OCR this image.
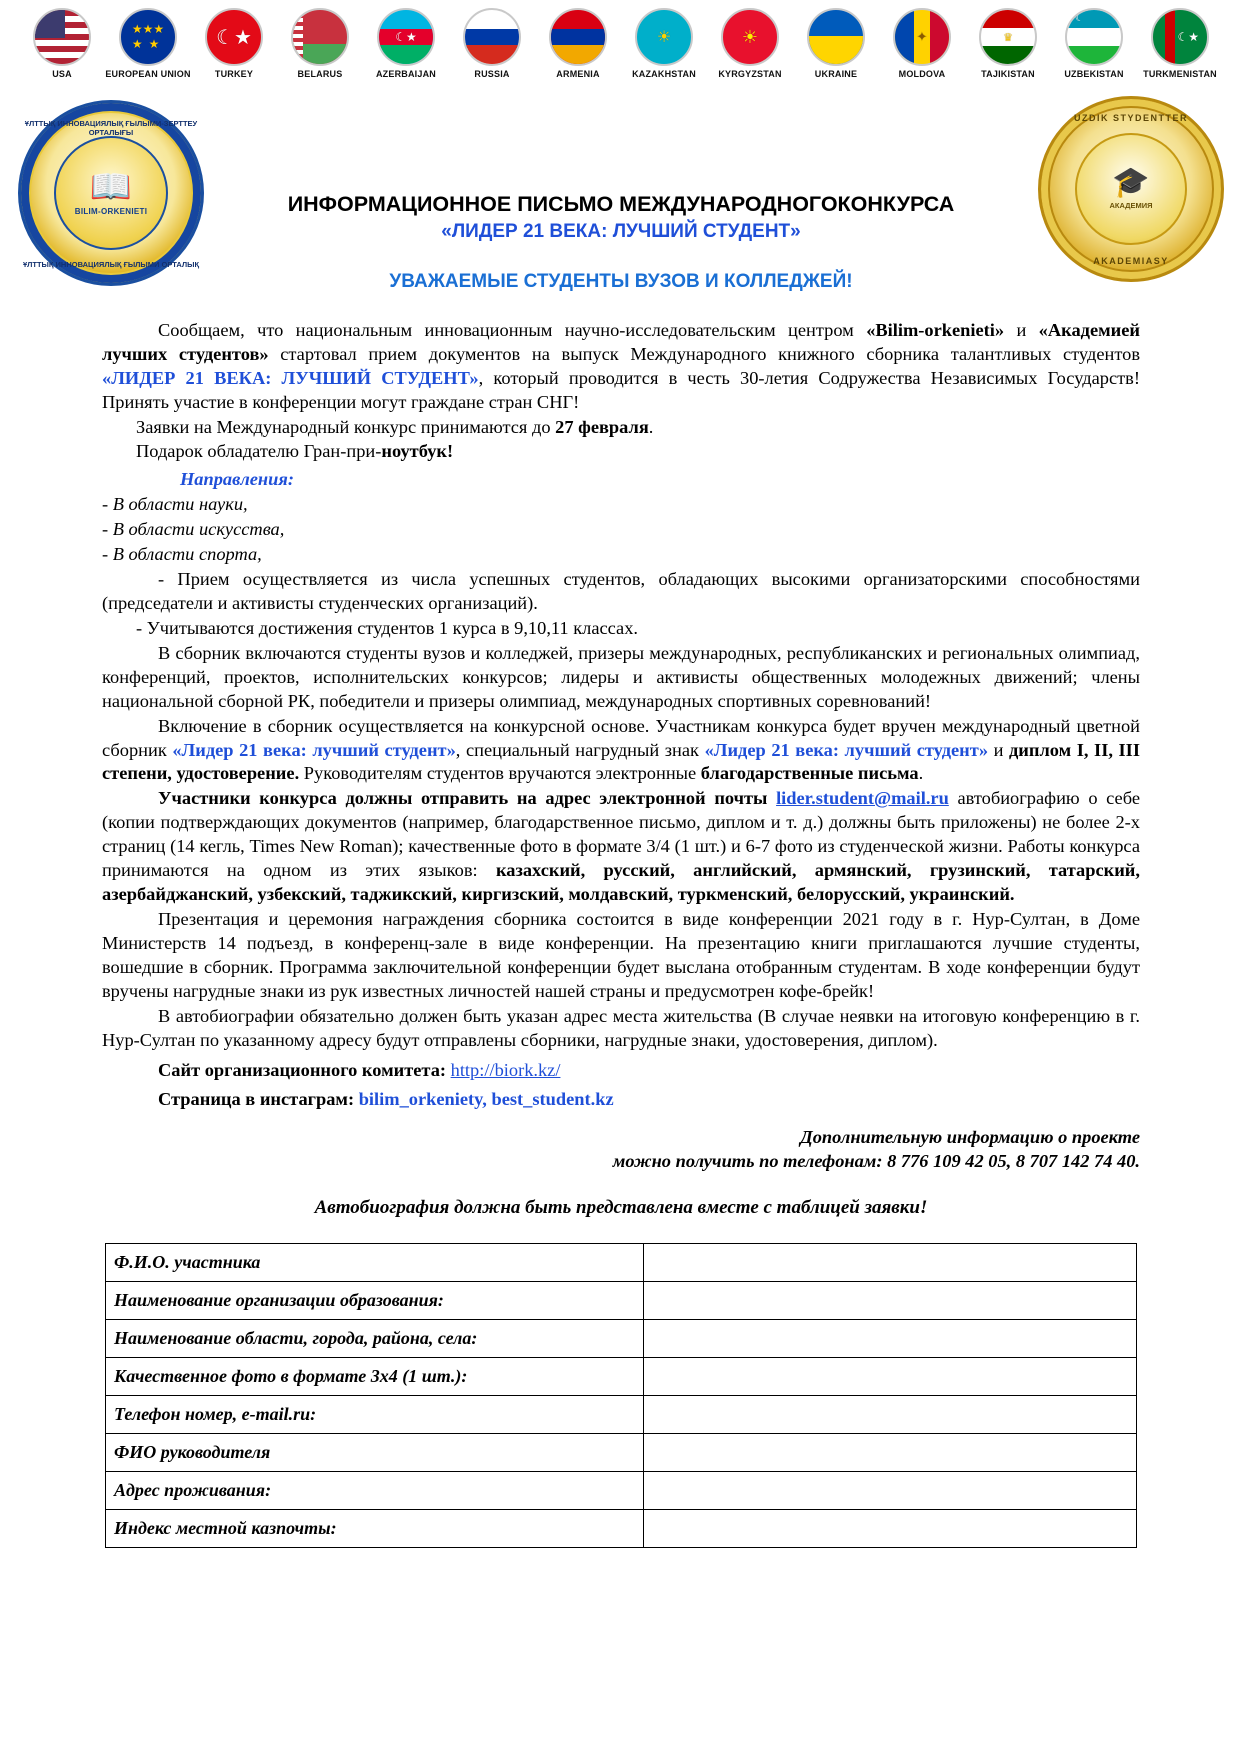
USA
★★★
★  ★
EUROPEAN UNION
☾★
TURKEY	BELARUS
☾★
AZERBAIJAN	RUSSIA	ARMENIA
☀
KAZAKHSTAN
☀
KYRGYZSTAN	UKRAINE
✦
MOLDOVA
♛
TAJIKISTAN
☾
UZBEKISTAN
☾★
TURKMENISTAN
ҰЛТТЫҚ ИННОВАЦИЯЛЫҚ ҒЫЛЫМИ-ЗЕРТТЕУ ОРТАЛЫҒЫ
📖
BILIM-ORKENIETI
ҰЛТТЫҚ ИННОВАЦИЯЛЫҚ ҒЫЛЫМИ ОРТАЛЫҚ
UZDIK STYDENTTER
🎓
АКАДЕМИЯ
AKADEMIASY
ИНФОРМАЦИОННОЕ ПИСЬМО МЕЖДУНАРОДНОГОКОНКУРСА
«ЛИДЕР 21 ВЕКА: ЛУЧШИЙ СТУДЕНТ»
УВАЖАЕМЫЕ СТУДЕНТЫ ВУЗОВ И КОЛЛЕДЖЕЙ!

Сообщаем, что национальным инновационным научно-исследовательским центром «Bilim-orkenieti» и «Академией лучших студентов» стартовал прием документов на выпуск Международного книжного сборника талантливых студентов «ЛИДЕР 21 ВЕКА: ЛУЧШИЙ СТУДЕНТ», который проводится в честь 30-летия Содружества Независимых Государств! Принять участие в конференции могут граждане стран СНГ!

Заявки на Международный конкурс принимаются до 27 февраля.

Подарок обладателю Гран-при-ноутбук!

Направления:

- В области науки,

- В области искусства,

- В области спорта,

- Прием осуществляется из числа успешных студентов, обладающих высокими организаторскими способностями (председатели и активисты студенческих организаций).

- Учитываются достижения студентов 1 курса в 9,10,11 классах.

В сборник включаются студенты вузов и колледжей, призеры международных, республиканских и региональных олимпиад, конференций, проектов, исполнительских конкурсов; лидеры и активисты общественных молодежных движений; члены национальной сборной РК, победители и призеры олимпиад, международных спортивных соревнований!

Включение в сборник осуществляется на конкурсной основе. Участникам конкурса будет вручен международный цветной сборник «Лидер 21 века: лучший студент», специальный нагрудный знак «Лидер 21 века: лучший студент» и диплом I, II, III степени, удостоверение. Руководителям студентов вручаются электронные благодарственные письма.

Участники конкурса должны отправить на адрес электронной почты lider.student@mail.ru автобиографию о себе (копии подтверждающих документов (например, благодарственное письмо, диплом и т. д.) должны быть приложены) не более 2-х страниц (14 кегль, Times New Roman); качественные фото в формате 3/4 (1 шт.) и 6-7 фото из студенческой жизни. Работы конкурса принимаются на одном из этих языков: казахский, русский, английский, армянский, грузинский, татарский, азербайджанский, узбекский, таджикский, киргизский, молдавский, туркменский, белорусский, украинский.

Презентация и церемония награждения сборника состоится в виде конференции 2021 году в г. Нур-Султан, в Доме Министерств 14 подъезд, в конференц-зале в виде конференции. На презентацию книги приглашаются лучшие студенты, вошедшие в сборник. Программа заключительной конференции будет выслана отобранным студентам. В ходе конференции будут вручены нагрудные знаки из рук известных личностей нашей страны и предусмотрен кофе-брейк!

В автобиографии обязательно должен быть указан адрес места жительства (В случае неявки на итоговую конференцию в г. Нур-Султан по указанному адресу будут отправлены сборники, нагрудные знаки, удостоверения, диплом).

Сайт организационного комитета: http://biork.kz/

Страница в инстаграм: bilim_orkeniety, best_student.kz

Дополнительную информацию о проекте
можно получить по телефонам: 8 776 109 42 05, 8 707 142 74 40.
Автобиография должна быть представлена вместе с таблицей заявки!
Ф.И.О. участника	
Наименование организации образования:	
Наименование области, города, района, села:	
Качественное фото в формате 3x4 (1 шт.):	
Телефон номер, e-mail.ru:	
ФИО руководителя	
Адрес проживания:	
Индекс местной казпочты:	
